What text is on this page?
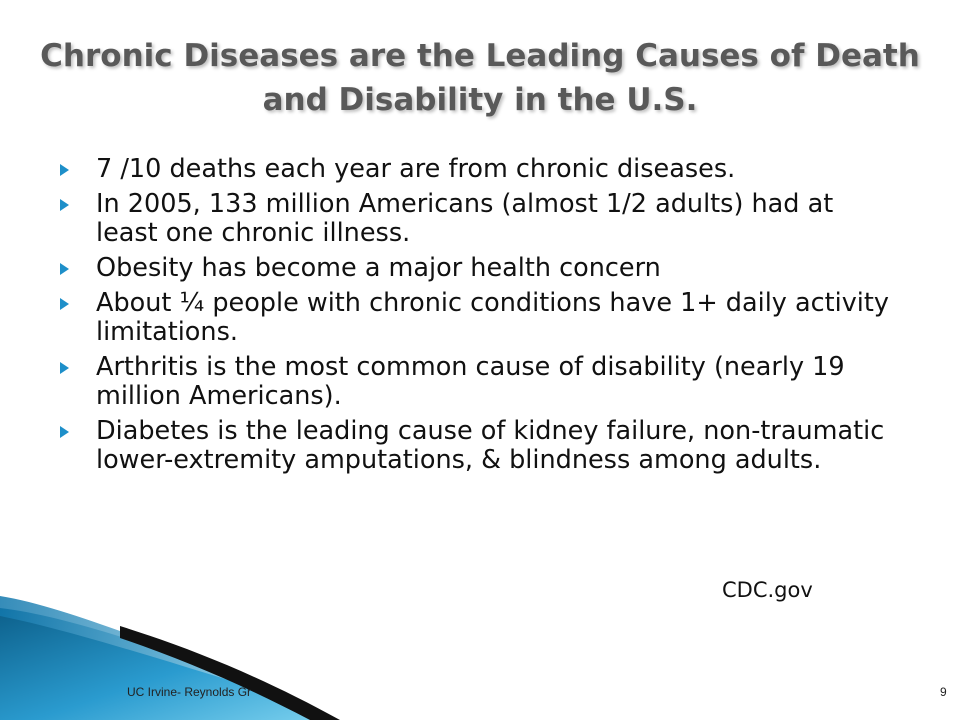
Chronic Diseases are the Leading Causes of Death and Disability in the U.S.
7 /10 deaths each year are from chronic diseases.
In 2005, 133 million Americans (almost 1/2 adults) had at least one chronic illness.
Obesity has become a major health concern
About ¼ people with chronic conditions have 1+ daily activity limitations.
Arthritis is the most common cause of disability (nearly 19 million Americans).
Diabetes is the leading cause of kidney failure, non-traumatic lower-extremity amputations, & blindness among adults.
CDC.gov
UC Irvine- Reynolds Gr	9
